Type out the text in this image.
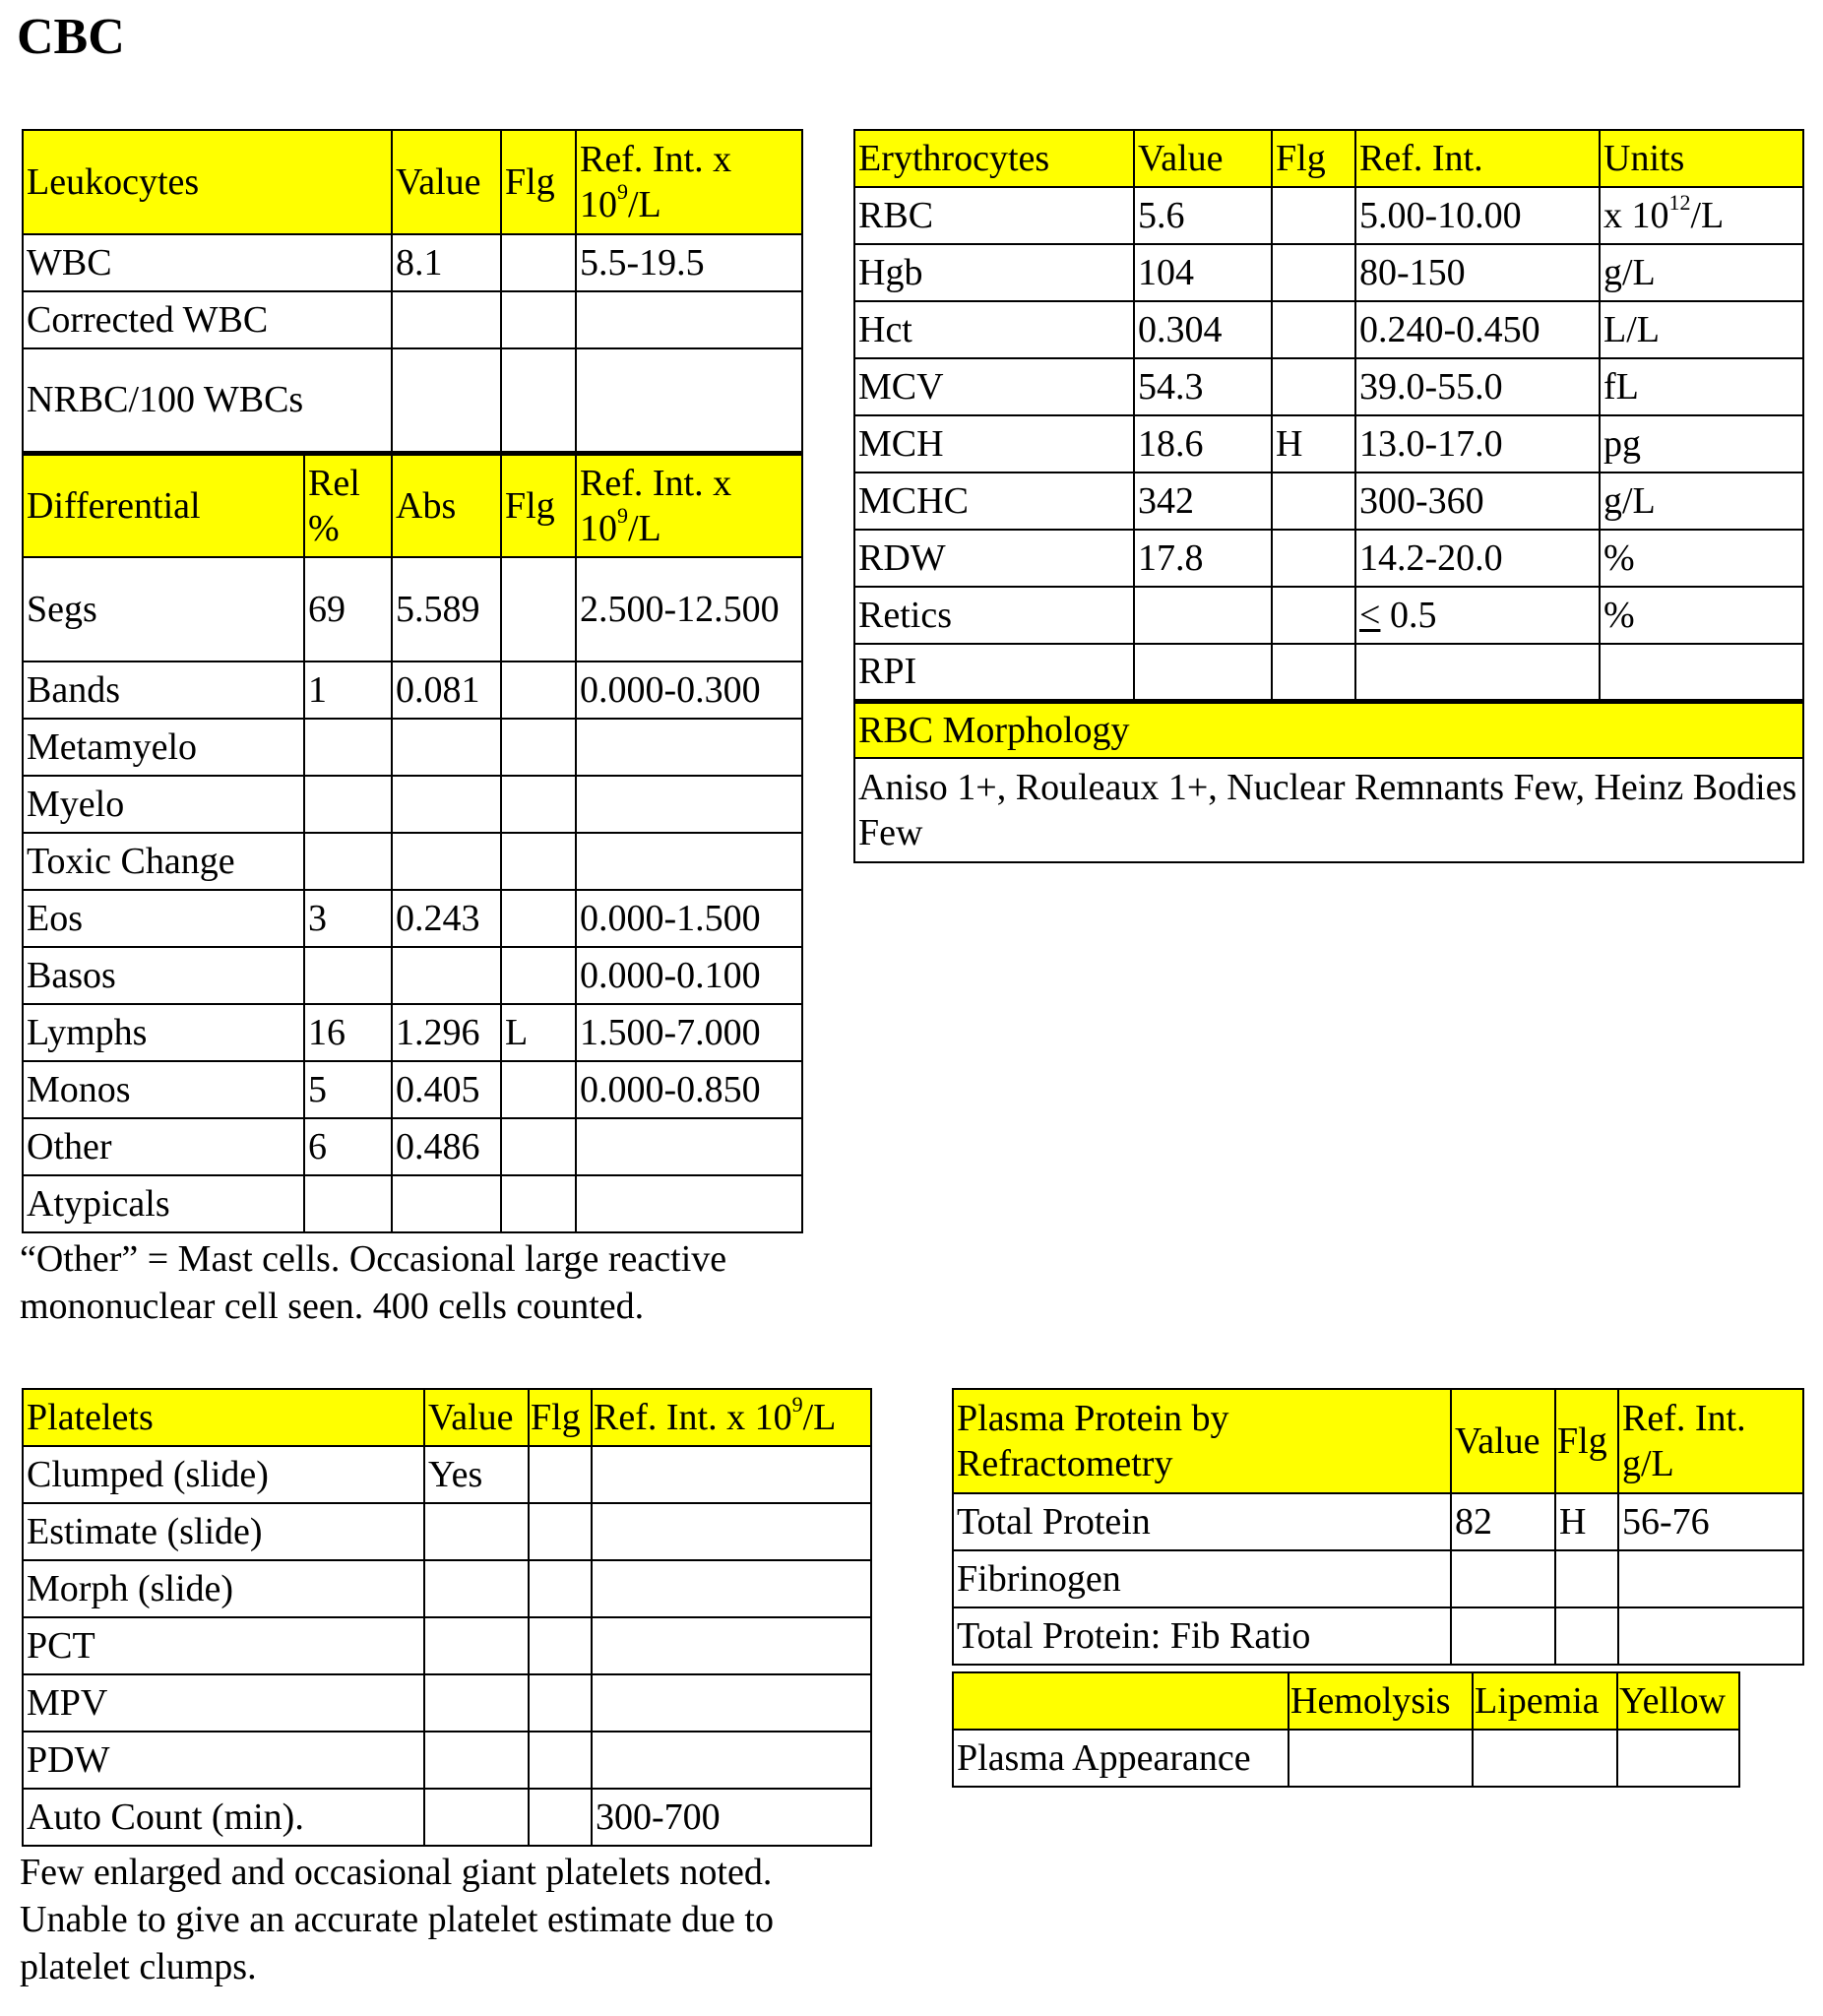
CBC
Leukocytes		Value	Flg	Ref. Int. x $10^9/L$
WBC		8.1		5.5-19.5
Corrected WBC				
NRBC/100 WBCs				
Differential	Rel %	Abs	Flg	Ref. Int. x $10^9/L$
Segs	69	5.589		2.500-12.500
Bands	1	0.081		0.000-0.300
Metamyelo				
Myelo				
Toxic Change				
Eos	3	0.243		0.000-1.500
Basos				0.000-0.100
Lymphs	16	1.296	L	1.500-7.000
Monos	5	0.405		0.000-0.850
Other	6	0.486		
Atypicals				
“Other” = Mast cells. Occasional large reactive mononuclear cell seen. 400 cells counted.
Erythrocytes	Value	Flg	Ref. Int.	Units
RBC	5.6		5.00-10.00	x $10^{12}/L$
Hgb	104		80-150	g/L
Hct	0.304		0.240-0.450	L/L
MCV	54.3		39.0-55.0	fL
MCH	18.6	H	13.0-17.0	pg
MCHC	342		300-360	g/L
RDW	17.8		14.2-20.0	%
Retics			< 0.5	%
RPI				
RBC Morphology				
Aniso 1+, Rouleaux 1+, Nuclear Remnants Few, Heinz Bodies Few				
Platelets	Value	Flg	Ref. Int. x $10^9/L$
Clumped (slide)	Yes		
Estimate (slide)			
Morph (slide)			
PCT			
MPV			
PDW			
Auto Count (min).			300-700
Few enlarged and occasional giant platelets noted. Unable to give an accurate platelet estimate due to platelet clumps.
Plasma Protein by Refractometry	Value	Flg	Ref. Int. g/L
Total Protein	82	H	56-76
Fibrinogen			
Total Protein: Fib Ratio			
	Hemolysis	Lipemia	Yellow
Plasma Appearance			
